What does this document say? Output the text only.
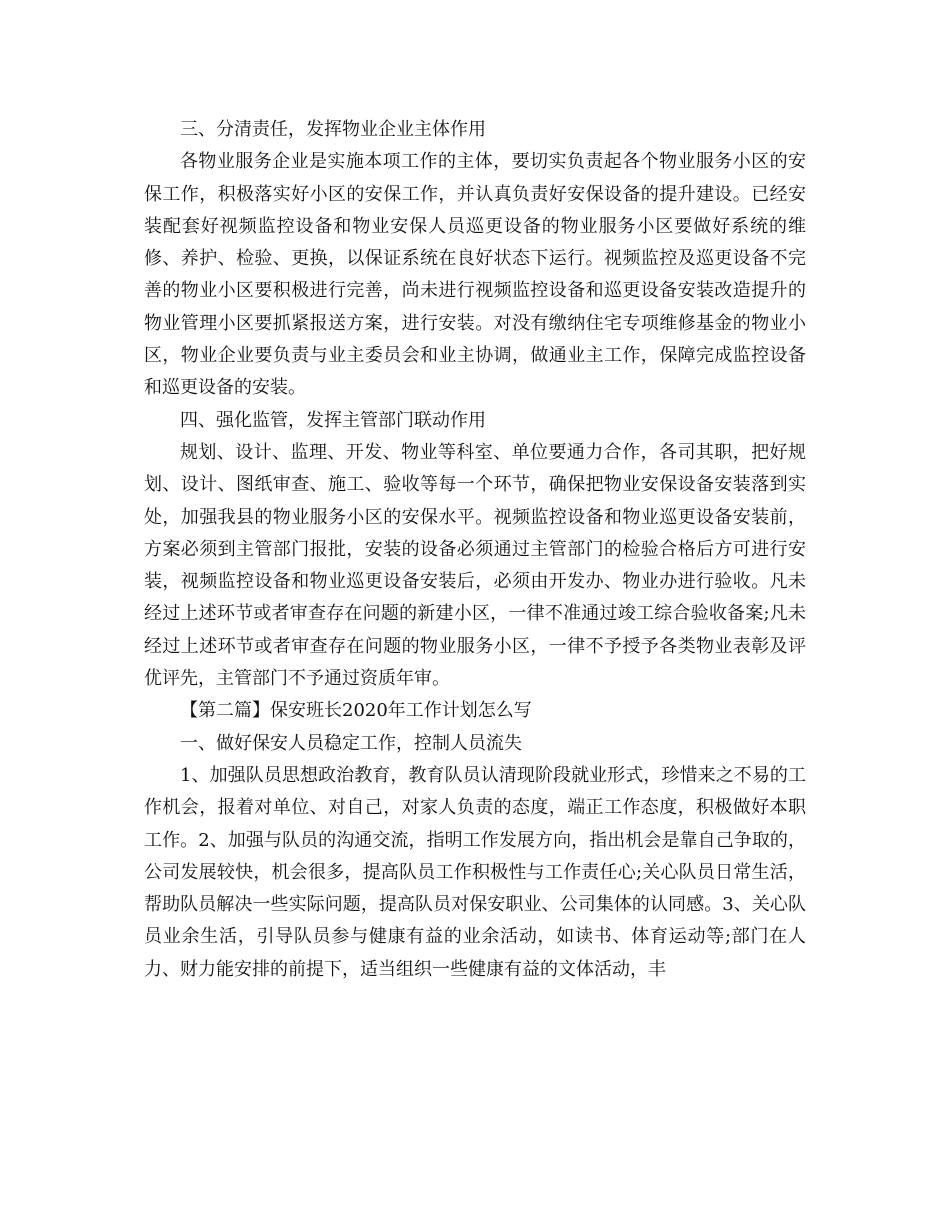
三、分清责任，发挥物业企业主体作用

各物业服务企业是实施本项工作的主体，要切实负责起各个物业服务小区的安保工作，积极落实好小区的安保工作，并认真负责好安保设备的提升建设。已经安装配套好视频监控设备和物业安保人员巡更设备的物业服务小区要做好系统的维修、养护、检验、更换，以保证系统在良好状态下运行。视频监控及巡更设备不完善的物业小区要积极进行完善，尚未进行视频监控设备和巡更设备安装改造提升的物业管理小区要抓紧报送方案，进行安装。对没有缴纳住宅专项维修基金的物业小区，物业企业要负责与业主委员会和业主协调，做通业主工作，保障完成监控设备和巡更设备的安装。

四、强化监管，发挥主管部门联动作用

规划、设计、监理、开发、物业等科室、单位要通力合作，各司其职，把好规划、设计、图纸审查、施工、验收等每一个环节，确保把物业安保设备安装落到实处，加强我县的物业服务小区的安保水平。视频监控设备和物业巡更设备安装前，方案必须到主管部门报批，安装的设备必须通过主管部门的检验合格后方可进行安装，视频监控设备和物业巡更设备安装后，必须由开发办、物业办进行验收。凡未经过上述环节或者审查存在问题的新建小区，一律不准通过竣工综合验收备案;凡未经过上述环节或者审查存在问题的物业服务小区，一律不予授予各类物业表彰及评优评先，主管部门不予通过资质年审。

【第二篇】保安班长2020年工作计划怎么写

一、做好保安人员稳定工作，控制人员流失

1、加强队员思想政治教育，教育队员认清现阶段就业形式，珍惜来之不易的工作机会，报着对单位、对自己，对家人负责的态度，端正工作态度，积极做好本职工作。2、加强与队员的沟通交流，指明工作发展方向，指出机会是靠自己争取的，公司发展较快，机会很多，提高队员工作积极性与工作责任心;关心队员日常生活，帮助队员解决一些实际问题，提高队员对保安职业、公司集体的认同感。3、关心队员业余生活，引导队员参与健康有益的业余活动，如读书、体育运动等;部门在人力、财力能安排的前提下，适当组织一些健康有益的文体活动，丰
